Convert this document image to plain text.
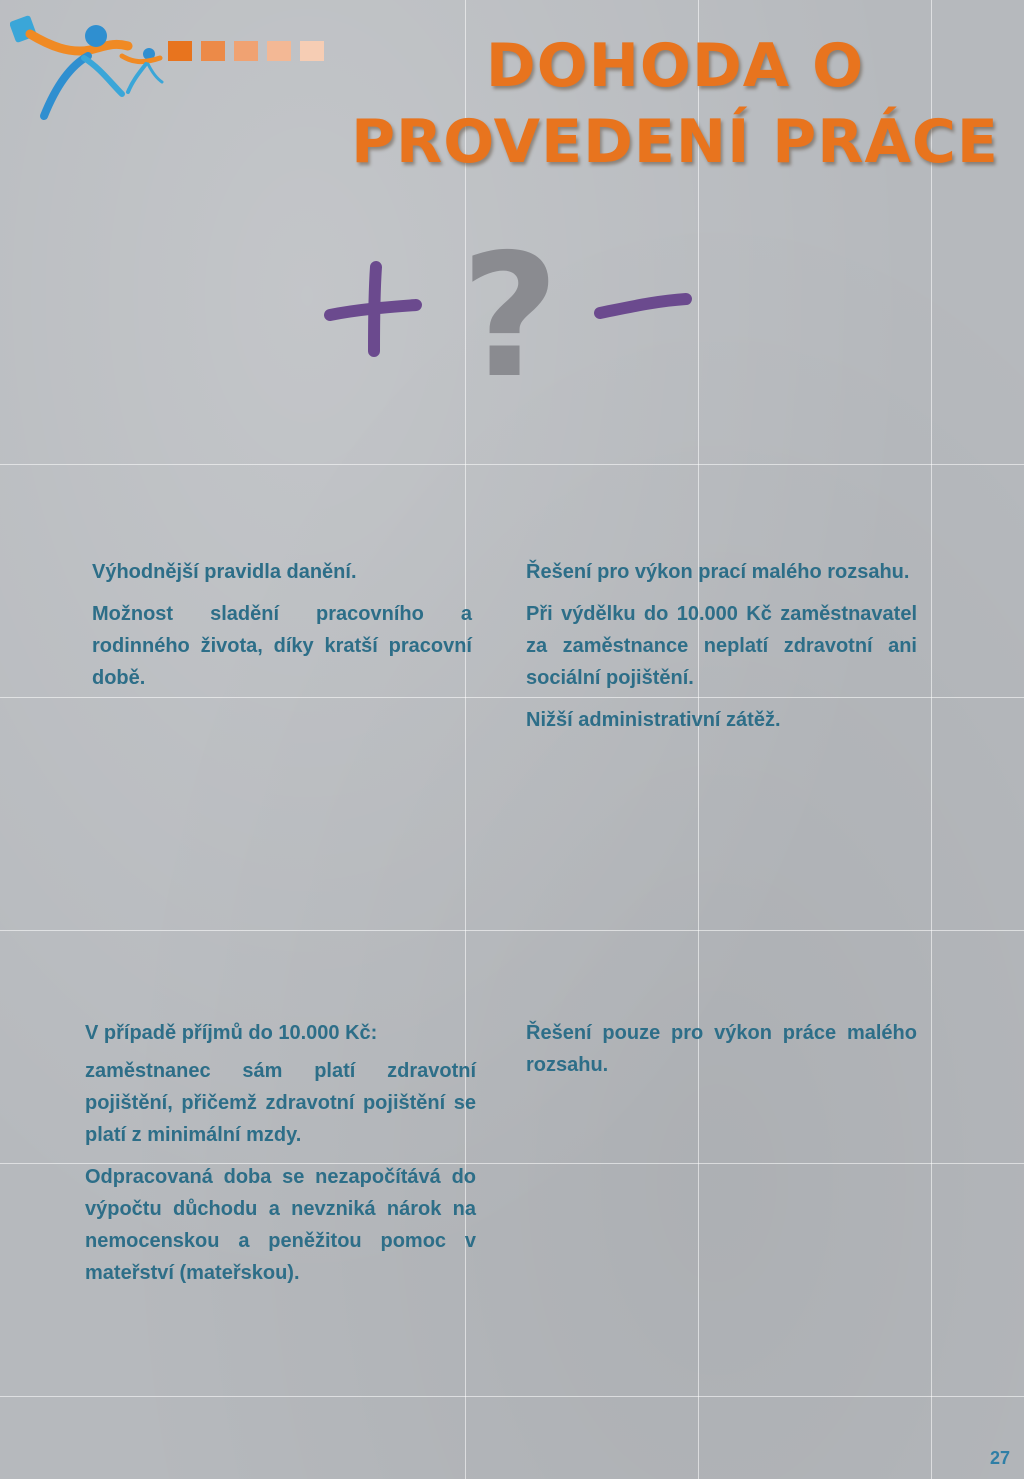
DOHODA O
PROVEDENÍ PRÁCE
?

Výhodnější pravidla danění.

Možnost sladění pracovního a rodinného života, díky kratší pracovní době.

Řešení pro výkon prací malého rozsahu.

Při výdělku do 10.000 Kč zaměstnavatel za zaměstnance neplatí zdravotní ani sociální pojištění.

Nižší administrativní zátěž.

V případě příjmů do 10.000 Kč:

zaměstnanec sám platí zdravotní pojištění, přičemž zdravotní pojištění se platí z minimální mzdy.

Odpracovaná doba se nezapočítává do výpočtu důchodu a nevzniká nárok na nemocenskou a peněžitou pomoc v mateřství (mateřskou).

Řešení pouze pro výkon práce malého rozsahu.

27
